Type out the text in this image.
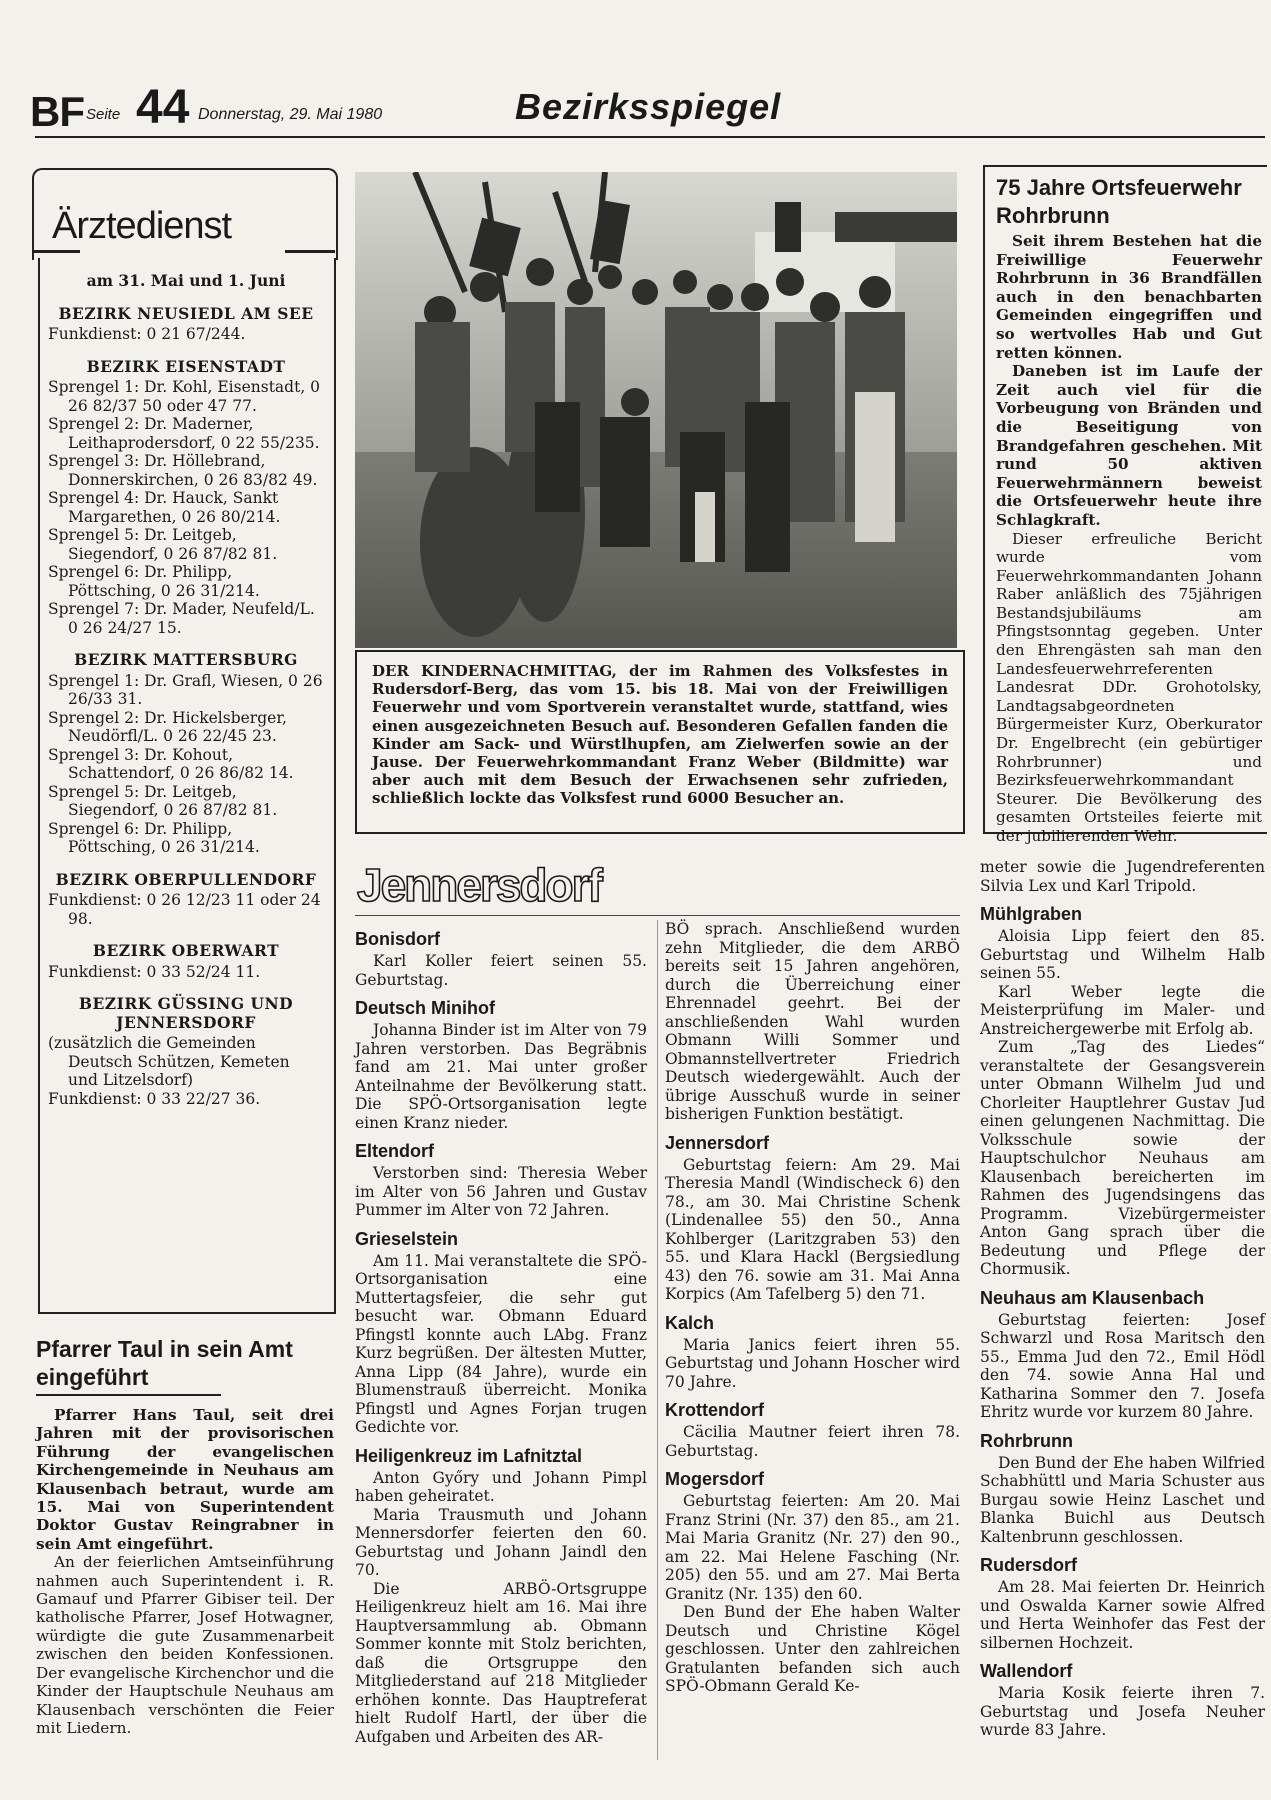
BF Seite 44 Donnerstag, 29. Mai 1980	Bezirksspiegel
Ärztedienst
am 31. Mai und 1. Juni
BEZIRK NEUSIEDL AM SEE
Funkdienst: 0 21 67/244.
BEZIRK EISENSTADT
Sprengel 1: Dr. Kohl, Eisenstadt, 0 26 82/37 50 oder 47 77.
Sprengel 2: Dr. Maderner, Leithaprodersdorf, 0 22 55/235.
Sprengel 3: Dr. Höllebrand, Donnerskirchen, 0 26 83/82 49.
Sprengel 4: Dr. Hauck, Sankt Margarethen, 0 26 80/214.
Sprengel 5: Dr. Leitgeb, Siegendorf, 0 26 87/82 81.
Sprengel 6: Dr. Philipp, Pöttsching, 0 26 31/214.
Sprengel 7: Dr. Mader, Neufeld/L. 0 26 24/27 15.
BEZIRK MATTERSBURG
Sprengel 1: Dr. Grafl, Wiesen, 0 26 26/33 31.
Sprengel 2: Dr. Hickelsberger, Neudörfl/L. 0 26 22/45 23.
Sprengel 3: Dr. Kohout, Schattendorf, 0 26 86/82 14.
Sprengel 5: Dr. Leitgeb, Siegendorf, 0 26 87/82 81.
Sprengel 6: Dr. Philipp, Pöttsching, 0 26 31/214.
BEZIRK OBERPULLENDORF
Funkdienst: 0 26 12/23 11 oder 24 98.
BEZIRK OBERWART
Funkdienst: 0 33 52/24 11.
BEZIRK GÜSSING UND JENNERSDORF
(zusätzlich die Gemeinden Deutsch Schützen, Kemeten und Litzelsdorf)
Funkdienst: 0 33 22/27 36.
Pfarrer Taul in sein Amt eingeführt

Pfarrer Hans Taul, seit drei Jahren mit der provisorischen Führung der evangelischen Kirchengemeinde in Neuhaus am Klausenbach betraut, wurde am 15. Mai von Superintendent Doktor Gustav Reingrabner in sein Amt eingeführt.

An der feierlichen Amtseinführung nahmen auch Superintendent i. R. Gamauf und Pfarrer Gibiser teil. Der katholische Pfarrer, Josef Hotwagner, würdigte die gute Zusammenarbeit zwischen den beiden Konfessionen. Der evangelische Kirchenchor und die Kinder der Hauptschule Neuhaus am Klausenbach verschönten die Feier mit Liedern.

DER KINDERNACHMITTAG, der im Rahmen des Volksfestes in Rudersdorf-Berg, das vom 15. bis 18. Mai von der Freiwilligen Feuerwehr und vom Sportverein veranstaltet wurde, stattfand, wies einen ausgezeichneten Besuch auf. Besonderen Gefallen fanden die Kinder am Sack- und Würstlhupfen, am Zielwerfen sowie an der Jause. Der Feuerwehrkommandant Franz Weber (Bildmitte) war aber auch mit dem Besuch der Erwachsenen sehr zufrieden, schließlich lockte das Volksfest rund 6000 Besucher an.
75 Jahre Ortsfeuerwehr Rohrbrunn

Seit ihrem Bestehen hat die Freiwillige Feuerwehr Rohrbrunn in 36 Brandfällen auch in den benachbarten Gemeinden eingegriffen und so wertvolles Hab und Gut retten können.

Daneben ist im Laufe der Zeit auch viel für die Vorbeugung von Bränden und die Beseitigung von Brandgefahren geschehen. Mit rund 50 aktiven Feuerwehrmännern beweist die Ortsfeuerwehr heute ihre Schlagkraft.

Dieser erfreuliche Bericht wurde vom Feuerwehrkommandanten Johann Raber anläßlich des 75jährigen Bestandsjubiläums am Pfingstsonntag gegeben. Unter den Ehrengästen sah man den Landesfeuerwehrreferenten Landesrat DDr. Grohotolsky, Landtagsabgeordneten Bürgermeister Kurz, Oberkurator Dr. Engelbrecht (ein gebürtiger Rohrbrunner) und Bezirksfeuerwehrkommandant Steurer. Die Bevölkerung des gesamten Ortsteiles feierte mit der jubilierenden Wehr.

Jennersdorf
Bonisdorf

Karl Koller feiert seinen 55. Geburtstag.

Deutsch Minihof

Johanna Binder ist im Alter von 79 Jahren verstorben. Das Begräbnis fand am 21. Mai unter großer Anteilnahme der Bevölkerung statt. Die SPÖ-Ortsorganisation legte einen Kranz nieder.

Eltendorf

Verstorben sind: Theresia Weber im Alter von 56 Jahren und Gustav Pummer im Alter von 72 Jahren.

Grieselstein

Am 11. Mai veranstaltete die SPÖ-Ortsorganisation eine Muttertagsfeier, die sehr gut besucht war. Obmann Eduard Pfingstl konnte auch LAbg. Franz Kurz begrüßen. Der ältesten Mutter, Anna Lipp (84 Jahre), wurde ein Blumenstrauß überreicht. Monika Pfingstl und Agnes Forjan trugen Gedichte vor.

Heiligenkreuz im Lafnitztal

Anton Győry und Johann Pimpl haben geheiratet.

Maria Trausmuth und Johann Mennersdorfer feierten den 60. Geburtstag und Johann Jaindl den 70.

Die ARBÖ-Ortsgruppe Heiligenkreuz hielt am 16. Mai ihre Hauptversammlung ab. Obmann Sommer konnte mit Stolz berichten, daß die Ortsgruppe den Mitgliederstand auf 218 Mitglieder erhöhen konnte. Das Hauptreferat hielt Rudolf Hartl, der über die Aufgaben und Arbeiten des AR-

BÖ sprach. Anschließend wurden zehn Mitglieder, die dem ARBÖ bereits seit 15 Jahren angehören, durch die Überreichung einer Ehrennadel geehrt. Bei der anschließenden Wahl wurden Obmann Willi Sommer und Obmannstellvertreter Friedrich Deutsch wiedergewählt. Auch der übrige Ausschuß wurde in seiner bisherigen Funktion bestätigt.

Jennersdorf

Geburtstag feiern: Am 29. Mai Theresia Mandl (Windischeck 6) den 78., am 30. Mai Christine Schenk (Lindenallee 55) den 50., Anna Kohlberger (Laritzgraben 53) den 55. und Klara Hackl (Bergsiedlung 43) den 76. sowie am 31. Mai Anna Korpics (Am Tafelberg 5) den 71.

Kalch

Maria Janics feiert ihren 55. Geburtstag und Johann Hoscher wird 70 Jahre.

Krottendorf

Cäcilia Mautner feiert ihren 78. Geburtstag.

Mogersdorf

Geburtstag feierten: Am 20. Mai Franz Strini (Nr. 37) den 85., am 21. Mai Maria Granitz (Nr. 27) den 90., am 22. Mai Helene Fasching (Nr. 205) den 55. und am 27. Mai Berta Granitz (Nr. 135) den 60.

Den Bund der Ehe haben Walter Deutsch und Christine Kögel geschlossen. Unter den zahlreichen Gratulanten befanden sich auch SPÖ-Obmann Gerald Ke-

meter sowie die Jugendreferenten Silvia Lex und Karl Tripold.

Mühlgraben

Aloisia Lipp feiert den 85. Geburtstag und Wilhelm Halb seinen 55.

Karl Weber legte die Meisterprüfung im Maler- und Anstreichergewerbe mit Erfolg ab.

Zum „Tag des Liedes“ veranstaltete der Gesangsverein unter Obmann Wilhelm Jud und Chorleiter Hauptlehrer Gustav Jud einen gelungenen Nachmittag. Die Volksschule sowie der Hauptschulchor Neuhaus am Klausenbach bereicherten im Rahmen des Jugendsingens das Programm. Vizebürgermeister Anton Gang sprach über die Bedeutung und Pflege der Chormusik.

Neuhaus am Klausenbach

Geburtstag feierten: Josef Schwarzl und Rosa Maritsch den 55., Emma Jud den 72., Emil Hödl den 74. sowie Anna Hal und Katharina Sommer den 7. Josefa Ehritz wurde vor kurzem 80 Jahre.

Rohrbrunn

Den Bund der Ehe haben Wilfried Schabhüttl und Maria Schuster aus Burgau sowie Heinz Laschet und Blanka Buichl aus Deutsch Kaltenbrunn geschlossen.

Rudersdorf

Am 28. Mai feierten Dr. Heinrich und Oswalda Karner sowie Alfred und Herta Weinhofer das Fest der silbernen Hochzeit.

Wallendorf

Maria Kosik feierte ihren 7. Geburtstag und Josefa Neuher wurde 83 Jahre.
